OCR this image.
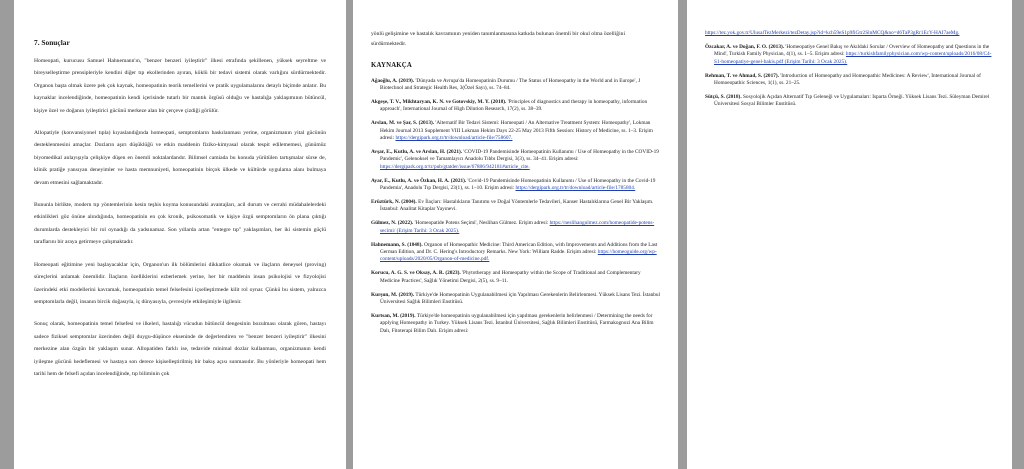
7. Sonuçlar

Homeopati, kurucusu Samuel Hahnemann'ın, "benzer benzeri iyileştirir" ilkesi etrafında şekillenen, yüksek seyreltme ve bireyselleştirme prensipleriyle kendini diğer tıp ekollerinden ayıran, köklü bir tedavi sistemi olarak varlığını sürdürmektedir. Organon başta olmak üzere pek çok kaynak, homeopatinin teorik temellerini ve pratik uygulamalarını detaylı biçimde anlatır. Bu kaynaklar incelendiğinde, homeopatinin kendi içerisinde tutarlı bir mantık örgüsü olduğu ve hastalığa yaklaşımının bütüncül, kişiye özel ve doğanın iyileştirici gücünü merkeze alan bir çerçeve çizdiği görülür.

Allopatiyle (konvansiyonel tıpla) kıyaslandığında homeopati, semptomların baskılanması yerine, organizmanın yital gücünün desteklenmesini amaçlar. Dozların aşırı düşüklüğü ve etkin maddenin fiziko-kimyasal olarak tespit edilememesi, günümüz biyomedikal anlayışıyla çelişkiye düşen en önemli noktalardandır. Bilimsel camiada bu konuda yürütülen tartışmalar sürse de, klinik pratiğe yansıyan deneyimler ve hasta memnuniyeti, homeopatinin birçok ülkede ve kültürde uygulama alanı bulmaya devam etmesini sağlamaktadır.

Bununla birlikte, modern tıp yöntemlerinin kesin teşhis koyma konusundaki avantajları, acil durum ve cerrahi müdahalelerdeki etkinlikleri göz önüne alındığında, homeopatinin en çok kronik, psikosomatik ve kişiye özgü semptomların ön plana çıktığı durumlarda destekleyici bir rol oynadığı da yadsınamaz. Son yıllarda artan "entegre tıp" yaklaşımları, her iki sistemin güçlü taraflarını bir araya getirmeye çalışmaktadır.

Homeopati eğitimine yeni başlayacaklar için, Organon'un ilk bölümlerini dikkatlice okumak ve ilaçların deneysel (proving) süreçlerini anlamak önemlidir. İlaçların özelliklerini ezberlemek yerine, her bir maddenin insan psikolojisi ve fizyolojisi üzerindeki etki modellerini kavramak, homeopatinin temel felsefesini içselleştirmede kilit rol oynar. Çünkü bu sistem, yalnızca semptomlarla değil, insanın bircik doğasıyla, iç dünyasıyla, çevresiyle etkileşimiyle ilgilenir.

Sonuç olarak, homeopatinin temel felsefesi ve ilkeleri, hastalığı vücudun bütüncül dengesinin bozulması olarak gören, hastayı sadece fiziksel semptomlar üzerinden değil duygu-düşünce ekseninde de değerlendiren ve "benzer benzeri iyileştirir" ilkesini merkezine alan özgün bir yaklaşım sunar. Allopatiden farklı ise, tedavide minimal dozlar kullanması, organizmanın kendi iyileşme gücünü hedeflemesi ve hastaya son derece kişiselleştirilmiş bir bakış açısı sunmasıdır. Bu yönleriyle homeopati hem tarihi hem de felsefi açıdan incelendiğinde, tıp biliminin çok

yönlü gelişimine ve hastalık kavramının yeniden tanımlanmasına katkıda bulunan önemli bir okul olma özelliğini sürdürmektedir.

KAYNAKÇA

Ağaoğlu, A. (2019). 'Dünyada ve Avrupa'da Homeopatinin Durumu / The Status of Homeopathy in the World and in Europe', J Biotechnol and Strategic Health Res, 3(Özel Sayı), ss. 74–84.

Akgeşe, T. V., Mikhtaryan, K. N. ve Gotovskiy, M. Y. (2018). 'Principles of diagnostics and therapy in homeopathy, information approach', International Journal of High Dilution Research, 17(2), ss. 38–39.

Arslan, M. ve Şar, S. (2013). 'Alternatif Bir Tedavi Sistemi: Homeopati / An Alternative Treatment System: Homeopathy', Lokman Hekim Journal 2013 Supplement VIII Lokman Hekim Days 22-25 May 2013 Fifth Session: History of Medicine, ss. 1–3. Erişim adresi: https://dergipark.org.tr/tr/download/article-file/758607.

Avşar, E., Kutlu, A. ve Arslan, H. (2021). 'COVID-19 Pandemisinde Homeopatinin Kullanımı / Use of Homeopathy in the COVID-19 Pandemic', Gelenoksel ve Tamamlayıcı Anadolu Tıbbı Dergisi, 3(3), ss. 34–41. Erişim adresi: https://dergipark.org.tr/tr/pub/gtatder/issue/67886/942181#article_cite.

Ayar, E., Kutlu, A. ve Özkan, H. A. (2021). 'Covid-19 Pandemisinde Homeopatinin Kullanımı / Use of Homeopathy in the Covid-19 Pandemia', Anadolu Tıp Dergisi, 23(1), ss. 1–10. Erişim adresi: https://dergipark.org.tr/tr/download/article-file/1785804.

Erüztürk, N. (2004). Ev İlaçları: Hastalıkların Tanıtımı ve Doğal Yöntemlerle Tedavileri, Kanser Hastalıklarına Genel Bir Yaklaşım. İstanbul: Analitat Kitaplar Yayınevi.

Gülmez, N. (2022). 'Homeopatide Potens Seçimi', Neslihan Gülmez. Erişim adresi: https://neslihangulmez.com/homeopatide-potens-secimi/ (Erişim Tarihi: 3 Ocak 2025).

Hahnemann, S. (1848). Organon of Homeopathic Medicine: Third American Edition, with Improvements and Additions from the Last German Edition, and Dr. C. Hering's Introductory Remarks. New York: William Radde. Erişim adresi: https://homeoguide.org/wp-content/uploads/2020/05/Organon-of-medicine.pdf.

Korucu, A. G. S. ve Oksay, A. R. (2023). 'Phytotherapy and Homeopathy within the Scope of Traditional and Complementary Medicine Practices', Sağlık Yönetimi Dergisi, 2(5), ss. 9–11.

Kurşun, M. (2019). Türkiye'de Homeopatinin Uygulanabilmesi için Yapılması Gerekenlerin Belirlenmesi. Yüksek Lisans Tezi. İstanbul Üniversitesi Sağlık Bilimleri Enstitüsü.

Kurtsan, M. (2019). Türkiye'de homeopatinin uygulanabilmesi için yapılması gerekenlerin belirlenmesi / Determining the needs for applying Homeopathy in Turkey. Yüksek Lisans Tezi. İstanbul Üniversitesi, Sağlık Bilimleri Enstitüsü, Farmakognozi Ana Bilim Dalı, Fitoterapi Bilim Dalı. Erişim adresi:

https://tez.yok.gov.tr/UlusalTezMerkezi/tezDetay.jsp?id=kch59eS1p9fiGtr2SlnMCQ&no=d6TaP3gRr1EcY-HAI7aeMg.

Özcakar, A. ve Doğan, F. O. (2013). 'Homeopatiye Genel Bakış ve Akıldaki Sorular / Overview of Homeopathy and Questions in the Mind', Turkish Family Physician, 4(1), ss. 1–5. Erişim adresi: https://turkishfamilyphysician.com/wp-content/uploads/2016/08/C4-S1-homeopatiye-genel-bakis.pdf (Erişim Tarihi: 3 Ocak 2025).

Rehman, T. ve Ahmad, S. (2017). 'Introduction of Homeopathy and Homeopathic Medicines: A Review', International Journal of Homoeopathic Sciences, 1(1), ss. 21–25.

Sütçü, S. (2018). Sosyolojik Açıdan Alternatif Tıp Geleneği ve Uygulamaları: Isparta Örneği. Yüksek Lisans Tezi. Süleyman Demirel Üniversitesi Sosyal Bilimler Enstitüsü.
